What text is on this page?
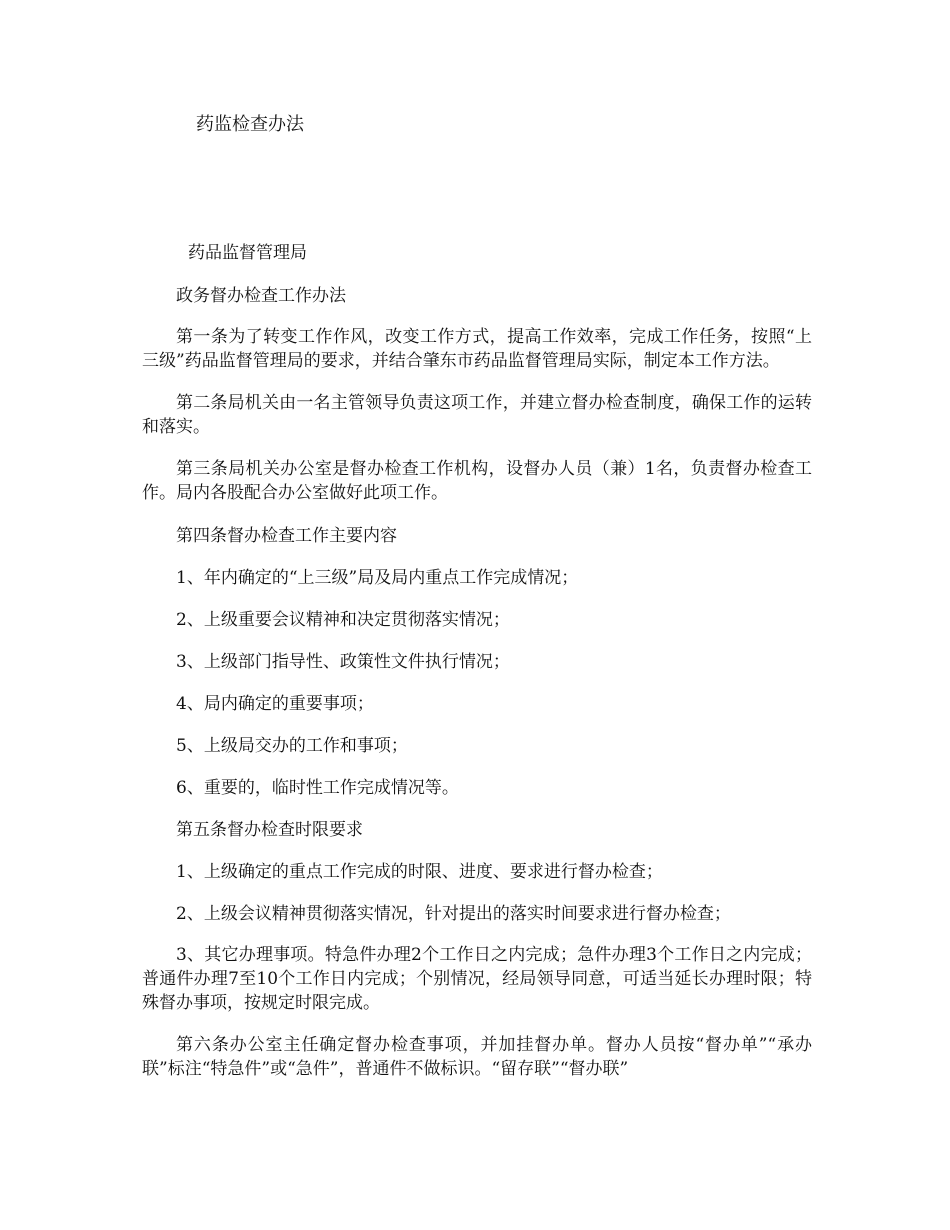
药监检查办法

药品监督管理局

政务督办检查工作办法

第一条为了转变工作作风，改变工作方式，提高工作效率，完成工作任务，按照“上三级”药品监督管理局的要求，并结合肇东市药品监督管理局实际，制定本工作方法。

第二条局机关由一名主管领导负责这项工作，并建立督办检查制度，确保工作的运转和落实。

第三条局机关办公室是督办检查工作机构，设督办人员（兼）1名，负责督办检查工作。局内各股配合办公室做好此项工作。

第四条督办检查工作主要内容

1、年内确定的“上三级”局及局内重点工作完成情况；

2、上级重要会议精神和决定贯彻落实情况；

3、上级部门指导性、政策性文件执行情况；

4、局内确定的重要事项；

5、上级局交办的工作和事项；

6、重要的，临时性工作完成情况等。

第五条督办检查时限要求

1、上级确定的重点工作完成的时限、进度、要求进行督办检查；

2、上级会议精神贯彻落实情况，针对提出的落实时间要求进行督办检查；

3、其它办理事项。特急件办理2个工作日之内完成；急件办理3个工作日之内完成；普通件办理7至10个工作日内完成；个别情况，经局领导同意，可适当延长办理时限；特殊督办事项，按规定时限完成。

第六条办公室主任确定督办检查事项，并加挂督办单。督办人员按“督办单”“承办联”标注“特急件”或“急件”，普通件不做标识。“留存联”“督办联”
